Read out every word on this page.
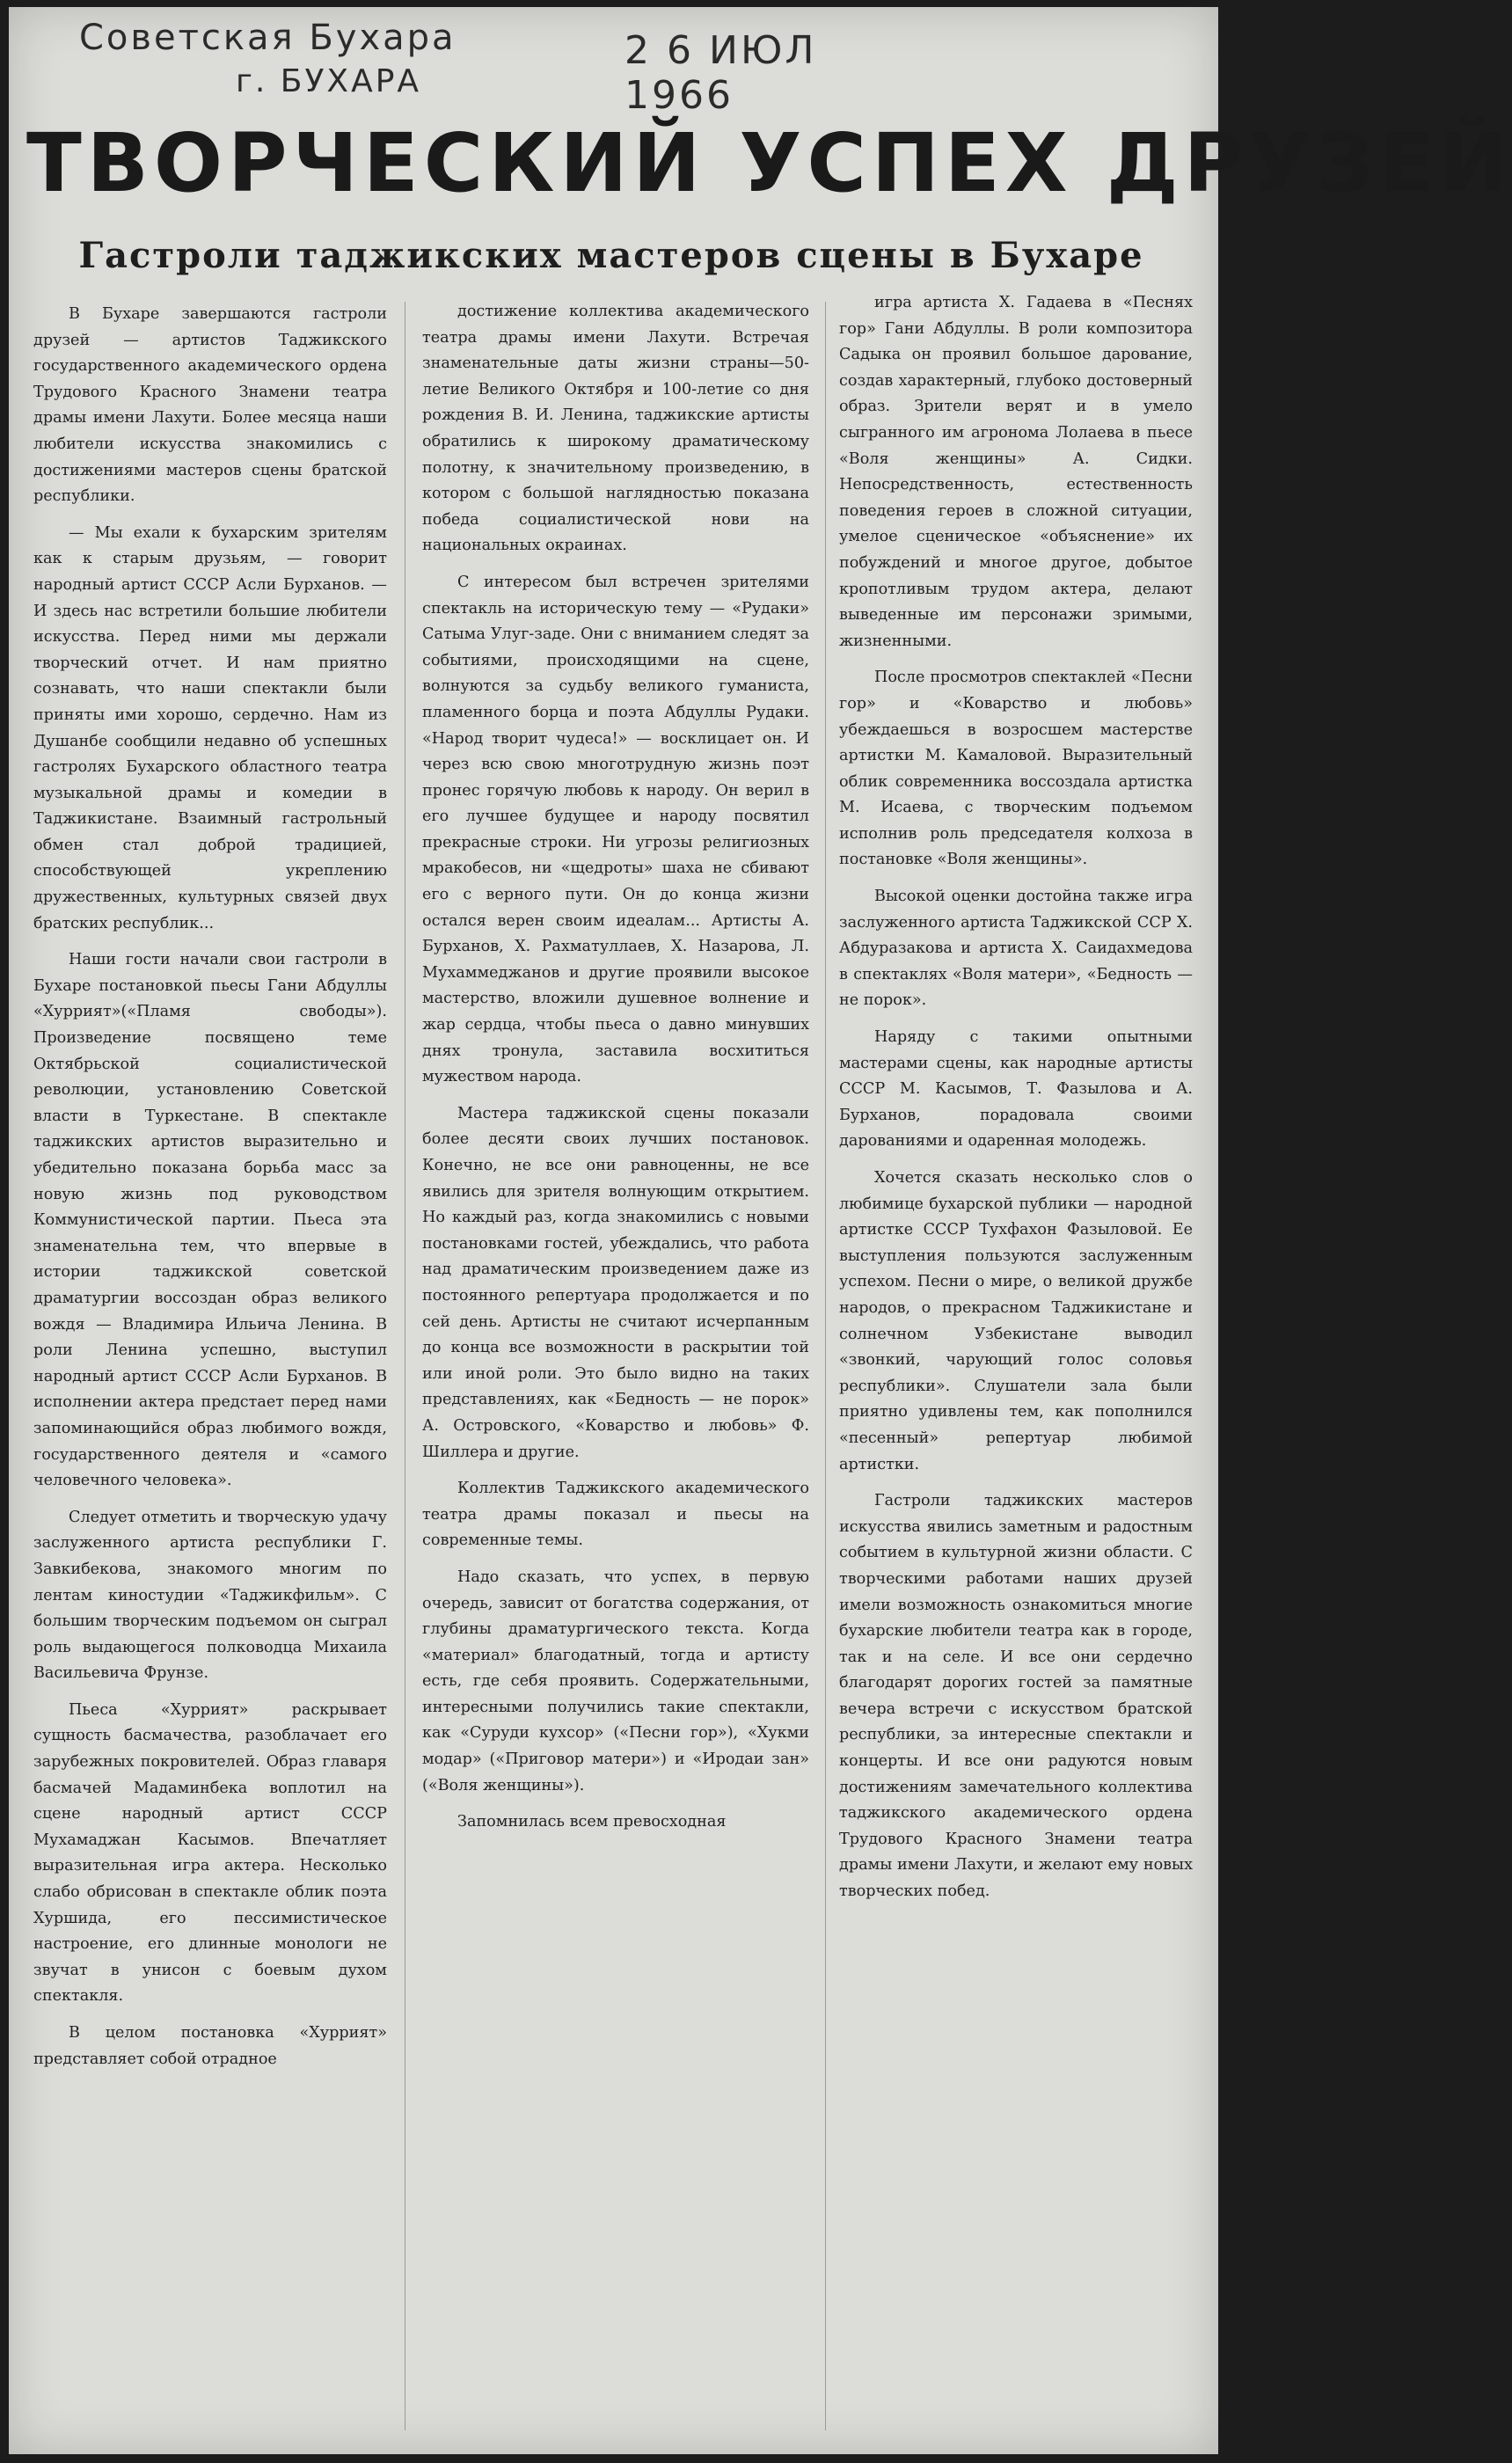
Советская Бухара
г. БУХАРА
2 6 ИЮЛ 1966
ТВОРЧЕСКИЙ УСПЕХ ДРУЗЕЙ
Гастроли таджикских мастеров сцены в Бухаре

В Бухаре завершаются гастроли друзей — артистов Таджикского государственного академического ордена Трудового Красного Знамени театра драмы имени Лахути. Более месяца наши любители искусства знакомились с достижениями мастеров сцены братской республики.

— Мы ехали к бухарским зрителям как к старым друзьям, — говорит народный артист СССР Асли Бурханов. — И здесь нас встретили большие любители искусства. Перед ними мы держали творческий отчет. И нам приятно сознавать, что наши спектакли были приняты ими хорошо, сердечно. Нам из Душанбе сообщили недавно об успешных гастролях Бухарского областного театра музыкальной драмы и комедии в Таджикистане. Взаимный гастрольный обмен стал доброй традицией, способствующей укреплению дружественных, культурных связей двух братских республик...

Наши гости начали свои гастроли в Бухаре постановкой пьесы Гани Абдуллы «Хуррият»(«Пламя свободы»). Произведение посвящено теме Октябрьской социалистической революции, установлению Советской власти в Туркестане. В спектакле таджикских артистов выразительно и убедительно показана борьба масс за новую жизнь под руководством Коммунистической партии. Пьеса эта знаменательна тем, что впервые в истории таджикской советской драматургии воссоздан образ великого вождя — Владимира Ильича Ленина. В роли Ленина успешно, выступил народный артист СССР Асли Бурханов. В исполнении актера предстает перед нами запоминающийся образ любимого вождя, государственного деятеля и «самого человечного человека».

Следует отметить и творческую удачу заслуженного артиста республики Г. Завкибекова, знакомого многим по лентам киностудии «Таджикфильм». С большим творческим подъемом он сыграл роль выдающегося полководца Михаила Васильевича Фрунзе.

Пьеса «Хуррият» раскрывает сущность басмачества, разоблачает его зарубежных покровителей. Образ главаря басмачей Мадаминбека воплотил на сцене народный артист СССР Мухамаджан Касымов. Впечатляет выразительная игра актера. Несколько слабо обрисован в спектакле облик поэта Хуршида, его пессимистическое настроение, его длинные монологи не звучат в унисон с боевым духом спектакля.

В целом постановка «Хуррият» представляет собой отрадное

достижение коллектива академического театра драмы имени Лахути. Встречая знаменательные даты жизни страны—50-летие Великого Октября и 100-летие со дня рождения В. И. Ленина, таджикские артисты обратились к широкому драматическому полотну, к значительному произведению, в котором с большой наглядностью показана победа социалистической нови на национальных окраинах.

С интересом был встречен зрителями спектакль на историческую тему — «Рудаки» Сатыма Улуг-заде. Они с вниманием следят за событиями, происходящими на сцене, волнуются за судьбу великого гуманиста, пламенного борца и поэта Абдуллы Рудаки. «Народ творит чудеса!» — восклицает он. И через всю свою многотрудную жизнь поэт пронес горячую любовь к народу. Он верил в его лучшее будущее и народу посвятил прекрасные строки. Ни угрозы религиозных мракобесов, ни «щедроты» шаха не сбивают его с верного пути. Он до конца жизни остался верен своим идеалам... Артисты А. Бурханов, Х. Рахматуллаев, Х. Назарова, Л. Мухаммеджанов и другие проявили высокое мастерство, вложили душевное волнение и жар сердца, чтобы пьеса о давно минувших днях тронула, заставила восхититься мужеством народа.

Мастера таджикской сцены показали более десяти своих лучших постановок. Конечно, не все они равноценны, не все явились для зрителя волнующим открытием. Но каждый раз, когда знакомились с новыми постановками гостей, убеждались, что работа над драматическим произведением даже из постоянного репертуара продолжается и по сей день. Артисты не считают исчерпанным до конца все возможности в раскрытии той или иной роли. Это было видно на таких представлениях, как «Бедность — не порок» А. Островского, «Коварство и любовь» Ф. Шиллера и другие.

Коллектив Таджикского академического театра драмы показал и пьесы на современные темы.

Надо сказать, что успех, в первую очередь, зависит от богатства содержания, от глубины драматургического текста. Когда «материал» благодатный, тогда и артисту есть, где себя проявить. Содержательными, интересными получились такие спектакли, как «Суруди кухсор» («Песни гор»), «Хукми модар» («Приговор матери») и «Иродаи зан» («Воля женщины»).

Запомнилась всем превосходная

игра артиста Х. Гадаева в «Песнях гор» Гани Абдуллы. В роли композитора Садыка он проявил большое дарование, создав характерный, глубоко достоверный образ. Зрители верят и в умело сыгранного им агронома Лолаева в пьесе «Воля женщины» А. Сидки. Непосредственность, естественность поведения героев в сложной ситуации, умелое сценическое «объяснение» их побуждений и многое другое, добытое кропотливым трудом актера, делают выведенные им персонажи зримыми, жизненными.

После просмотров спектаклей «Песни гор» и «Коварство и любовь» убеждаешься в возросшем мастерстве артистки М. Камаловой. Выразительный облик современника воссоздала артистка М. Исаева, с творческим подъемом исполнив роль председателя колхоза в постановке «Воля женщины».

Высокой оценки достойна также игра заслуженного артиста Таджикской ССР Х. Абдуразакова и артиста Х. Саидахмедова в спектаклях «Воля матери», «Бедность — не порок».

Наряду с такими опытными мастерами сцены, как народные артисты СССР М. Касымов, Т. Фазылова и А. Бурханов, порадовала своими дарованиями и одаренная молодежь.

Хочется сказать несколько слов о любимице бухарской публики — народной артистке СССР Тухфахон Фазыловой. Ее выступления пользуются заслуженным успехом. Песни о мире, о великой дружбе народов, о прекрасном Таджикистане и солнечном Узбекистане выводил «звонкий, чарующий голос соловья республики». Слушатели зала были приятно удивлены тем, как пополнился «песенный» репертуар любимой артистки.

Гастроли таджикских мастеров искусства явились заметным и радостным событием в культурной жизни области. С творческими работами наших друзей имели возможность ознакомиться многие бухарские любители театра как в городе, так и на селе. И все они сердечно благодарят дорогих гостей за памятные вечера встречи с искусством братской республики, за интересные спектакли и концерты. И все они радуются новым достижениям замечательного коллектива таджикского академического ордена Трудового Красного Знамени театра драмы имени Лахути, и желают ему новых творческих побед.
